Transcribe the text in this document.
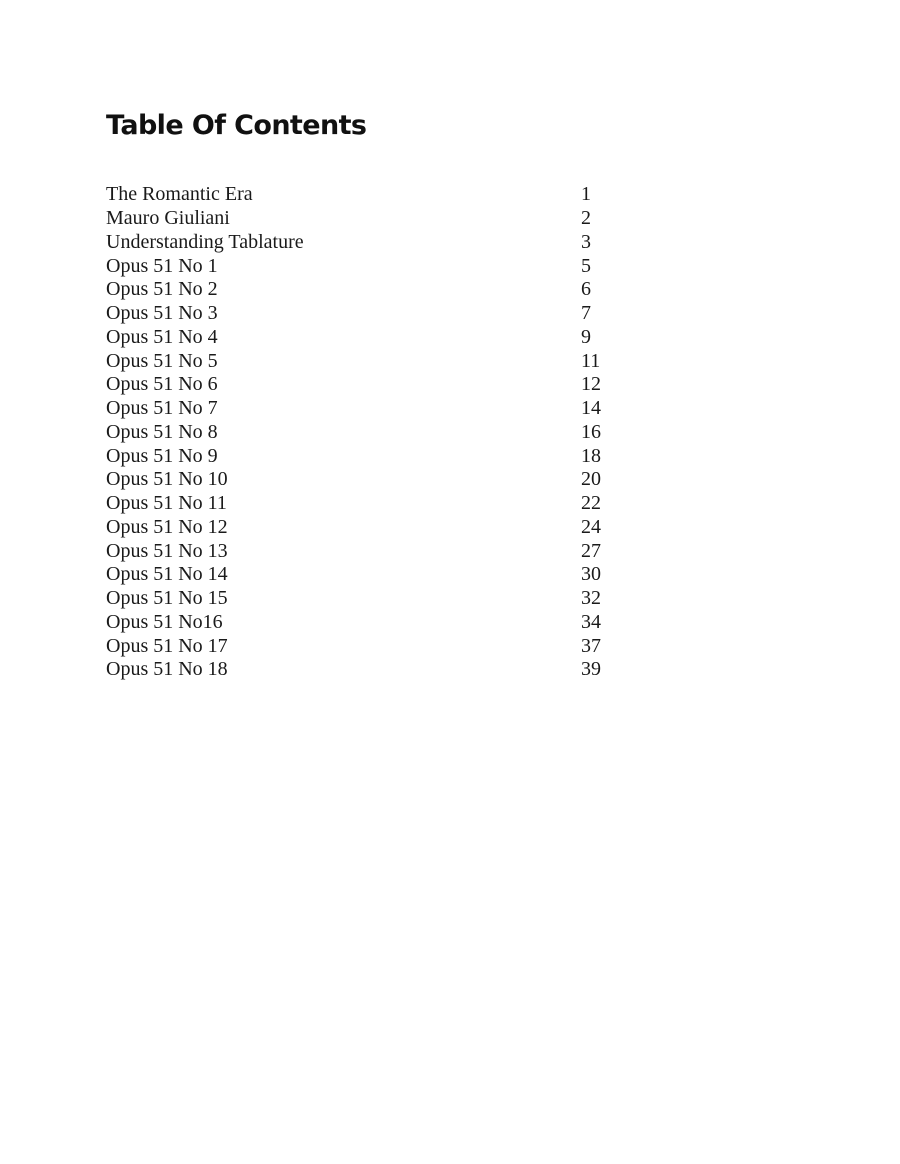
Table Of Contents
The Romantic Era	1
Mauro Giuliani	2
Understanding Tablature	3
Opus 51 No 1	5
Opus 51 No 2	6
Opus 51 No 3	7
Opus 51 No 4	9
Opus 51 No 5	11
Opus 51 No 6	12
Opus 51 No 7	14
Opus 51 No 8	16
Opus 51 No 9	18
Opus 51 No 10	20
Opus 51 No 11	22
Opus 51 No 12	24
Opus 51 No 13	27
Opus 51 No 14	30
Opus 51 No 15	32
Opus 51 No16	34
Opus 51 No 17	37
Opus 51 No 18	39
